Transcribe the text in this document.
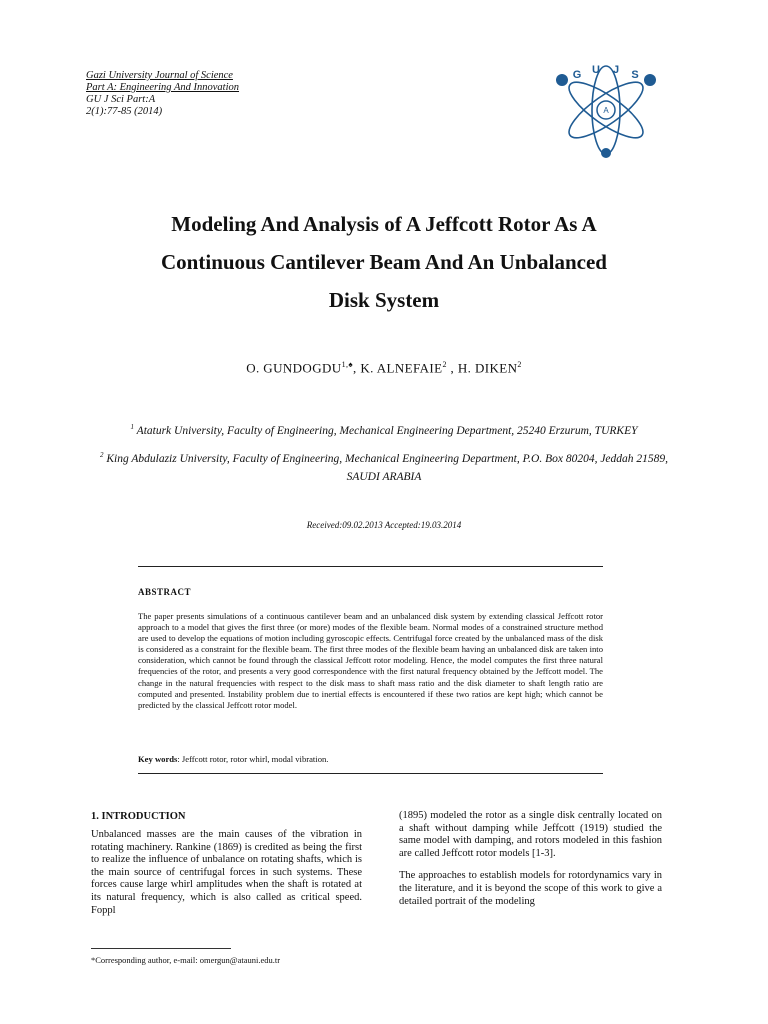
Gazi University Journal of Science
Part A: Engineering And Innovation
GU J Sci Part:A
2(1):77-85 (2014)	A
G U J S
Modeling And Analysis of A Jeffcott Rotor As A
Continuous Cantilever Beam And An Unbalanced
Disk System
O. $GUNDOGDU^{1,♠}$, K. ALNEFAIE$^2$ , H. DIKEN$^2$
$^1$ Ataturk University, Faculty of Engineering, Mechanical Engineering Department, 25240 Erzurum, TURKEY
$^2$ King Abdulaziz University, Faculty of Engineering, Mechanical Engineering Department, P.O. Box 80204, Jeddah 21589, SAUDI ARABIA
Received:09.02.2013 Accepted:19.03.2014
ABSTRACT
The paper presents simulations of a continuous cantilever beam and an unbalanced disk system by extending classical Jeffcott rotor approach to a model that gives the first three (or more) modes of the flexible beam. Normal modes of a constrained structure method are used to develop the equations of motion including gyroscopic effects. Centrifugal force created by the unbalanced mass of the disk is considered as a constraint for the flexible beam. The first three modes of the flexible beam having an unbalanced disk are taken into consideration, which cannot be found through the classical Jeffcott rotor modeling. Hence, the model computes the first three natural frequencies of the rotor, and presents a very good correspondence with the first natural frequency obtained by the Jeffcott model. The change in the natural frequencies with respect to the disk mass to shaft mass ratio and the disk diameter to shaft length ratio are computed and presented. Instability problem due to inertial effects is encountered if these two ratios are kept high; which cannot be predicted by the classical Jeffcott rotor model.
Key words: Jeffcott rotor, rotor whirl, modal vibration.
1. INTRODUCTION

Unbalanced masses are the main causes of the vibration in rotating machinery. Rankine (1869) is credited as being the first to realize the influence of unbalance on rotating shafts, which is the main source of centrifugal forces in such systems. These forces cause large whirl amplitudes when the shaft is rotated at its natural frequency, which is also called as critical speed. Foppl

(1895) modeled the rotor as a single disk centrally located on a shaft without damping while Jeffcott (1919) studied the same model with damping, and rotors modeled in this fashion are called Jeffcott rotor models [1-3].

The approaches to establish models for rotordynamics vary in the literature, and it is beyond the scope of this work to give a detailed portrait of the modeling

*Corresponding author, e-mail: omergun@atauni.edu.tr
